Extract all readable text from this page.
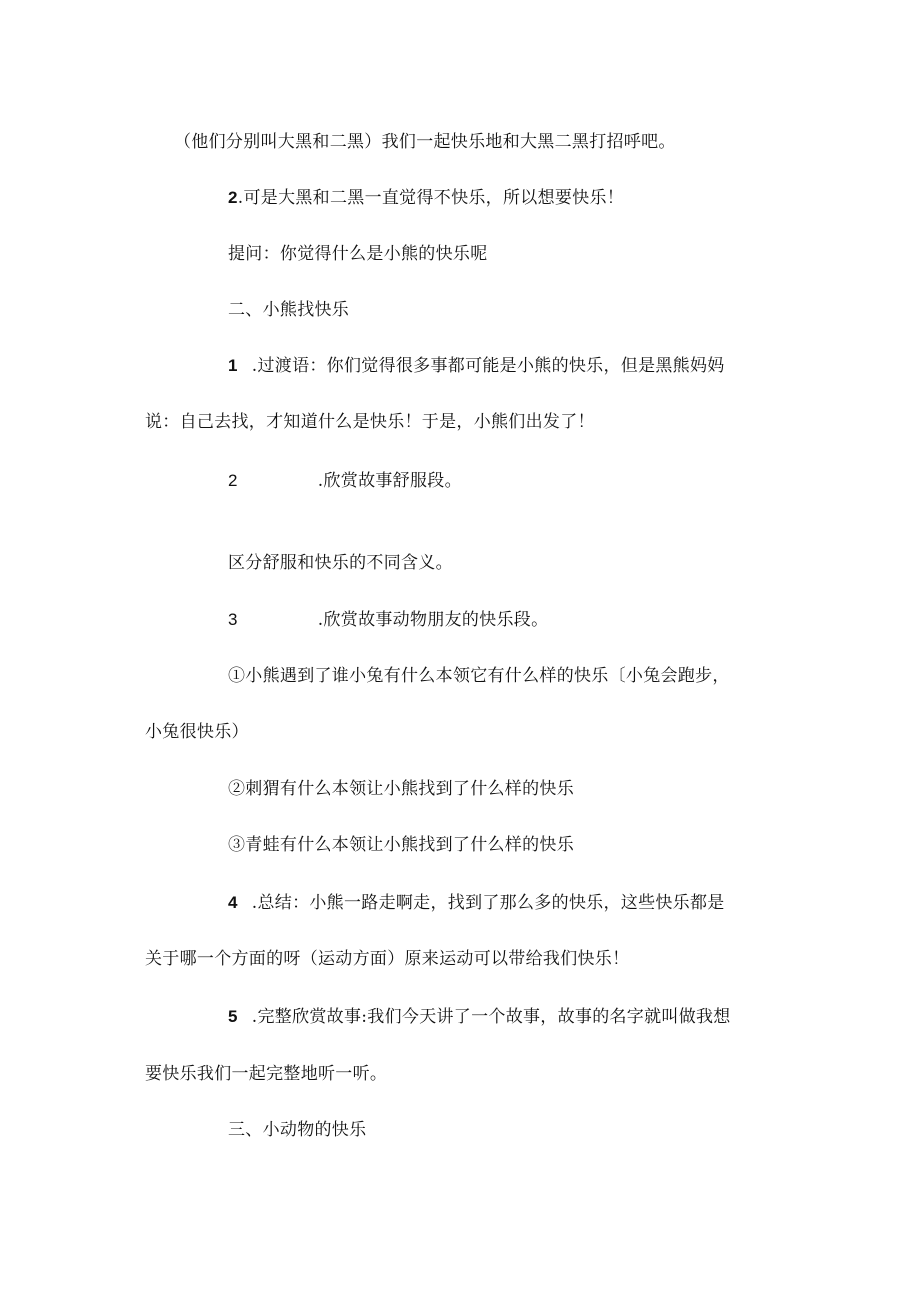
（他们分别叫大黑和二黑）我们一起快乐地和大黑二黑打招呼吧。
2.可是大黑和二黑一直觉得不快乐，所以想要快乐！
提问：你觉得什么是小熊的快乐呢
二、小熊找快乐
1 .过渡语：你们觉得很多事都可能是小熊的快乐，但是黑熊妈妈
说：自己去找，才知道什么是快乐！于是，小熊们出发了！
2	.欣赏故事舒服段。
区分舒服和快乐的不同含义。
3	.欣赏故事动物朋友的快乐段。
①小熊遇到了谁小兔有什么本领它有什么样的快乐〔小兔会跑步，
小兔很快乐）
②刺猬有什么本领让小熊找到了什么样的快乐
③青蛙有什么本领让小熊找到了什么样的快乐
4 .总结：小熊一路走啊走，找到了那么多的快乐，这些快乐都是
关于哪一个方面的呀（运动方面）原来运动可以带给我们快乐！
5 .完整欣赏故事:我们今天讲了一个故事，故事的名字就叫做我想
要快乐我们一起完整地听一听。
三、小动物的快乐
